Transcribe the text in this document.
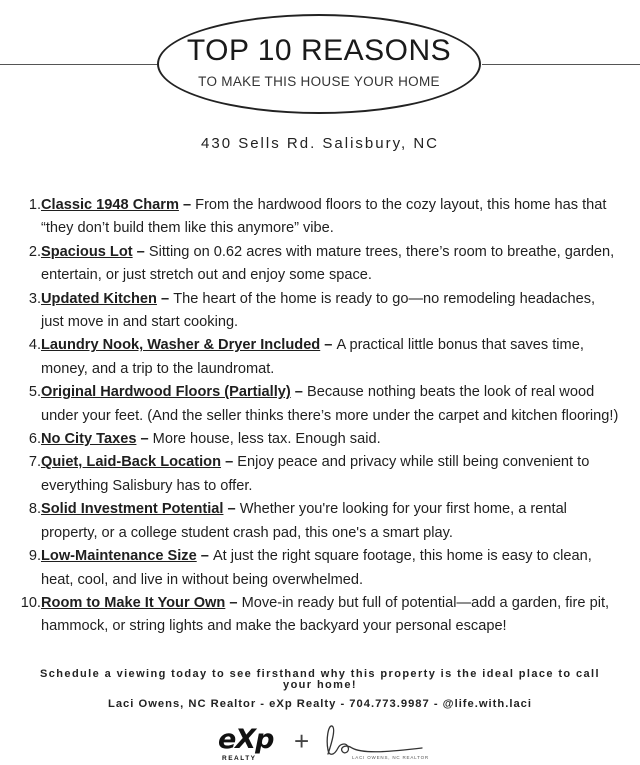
TOP 10 REASONS
TO MAKE THIS HOUSE YOUR HOME
430 Sells Rd. Salisbury, NC
1. Classic 1948 Charm – From the hardwood floors to the cozy layout, this home has that “they don’t build them like this anymore” vibe.
2. Spacious Lot – Sitting on 0.62 acres with mature trees, there’s room to breathe, garden, entertain, or just stretch out and enjoy some space.
3. Updated Kitchen – The heart of the home is ready to go—no remodeling headaches, just move in and start cooking.
4. Laundry Nook, Washer & Dryer Included – A practical little bonus that saves time, money, and a trip to the laundromat.
5. Original Hardwood Floors (Partially) – Because nothing beats the look of real wood under your feet. (And the seller thinks there’s more under the carpet and kitchen flooring!)
6. No City Taxes – More house, less tax. Enough said.
7. Quiet, Laid-Back Location – Enjoy peace and privacy while still being convenient to everything Salisbury has to offer.
8. Solid Investment Potential – Whether you're looking for your first home, a rental property, or a college student crash pad, this one's a smart play.
9. Low-Maintenance Size – At just the right square footage, this home is easy to clean, heat, cool, and live in without being overwhelmed.
10. Room to Make It Your Own – Move-in ready but full of potential—add a garden, fire pit, hammock, or string lights and make the backyard your personal escape!
Schedule a viewing today to see firsthand why this property is the ideal place to call your home!
Laci Owens, NC Realtor - eXp Realty - 704.773.9987 - @life.with.laci
eXp
REALTY
+
LACI OWENS, NC REALTOR
